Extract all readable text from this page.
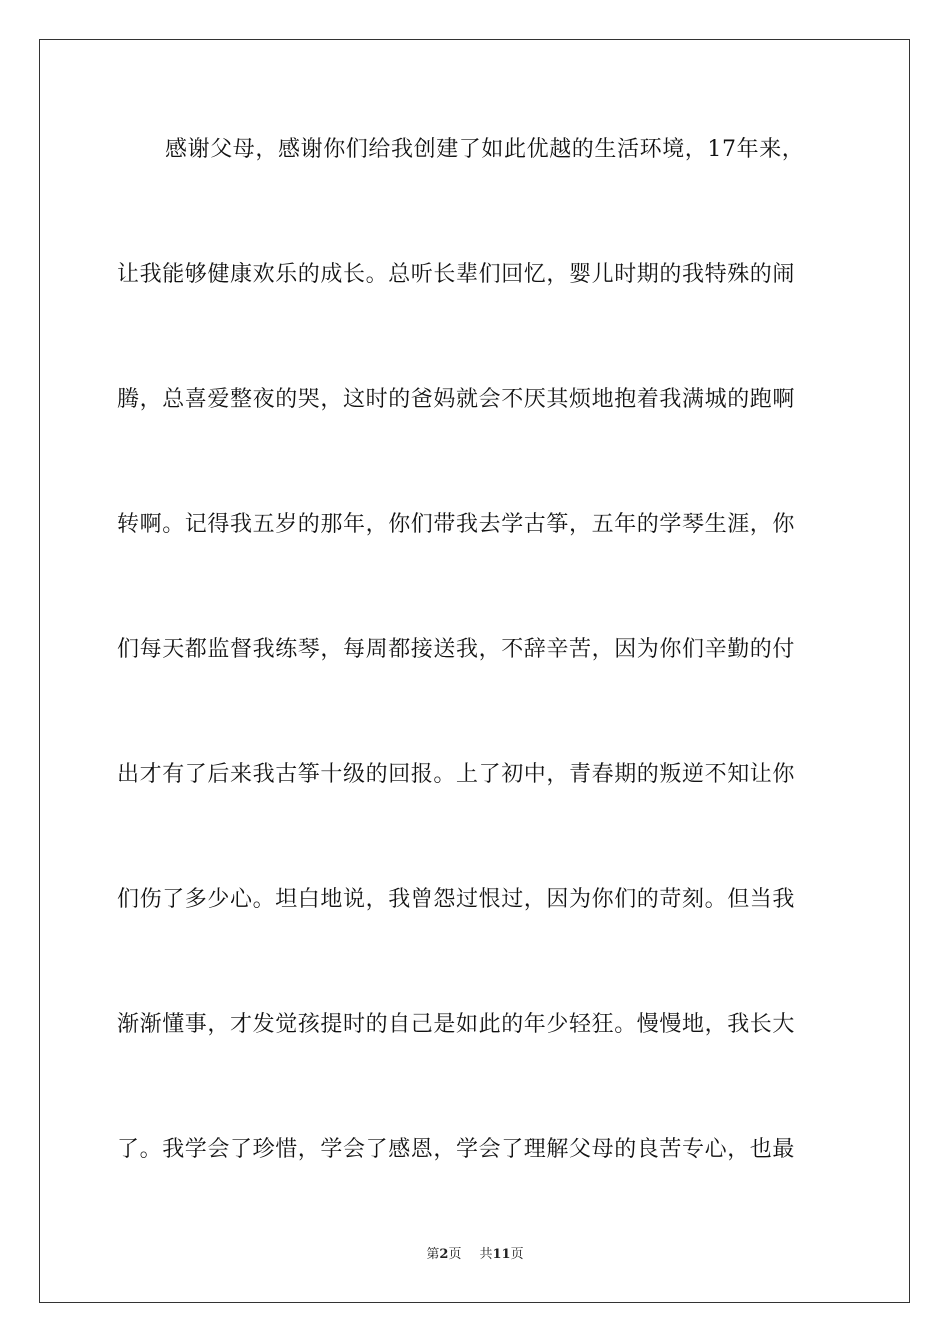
感谢父母，感谢你们给我创建了如此优越的生活环境，17年来，
让我能够健康欢乐的成长。总听长辈们回忆，婴儿时期的我特殊的闹
腾，总喜爱整夜的哭，这时的爸妈就会不厌其烦地抱着我满城的跑啊
转啊。记得我五岁的那年，你们带我去学古筝，五年的学琴生涯，你
们每天都监督我练琴，每周都接送我，不辞辛苦，因为你们辛勤的付
出才有了后来我古筝十级的回报。上了初中，青春期的叛逆不知让你
们伤了多少心。坦白地说，我曾怨过恨过，因为你们的苛刻。但当我
渐渐懂事，才发觉孩提时的自己是如此的年少轻狂。慢慢地，我长大
了。我学会了珍惜，学会了感恩，学会了理解父母的良苦专心，也最
第2页 共11页
